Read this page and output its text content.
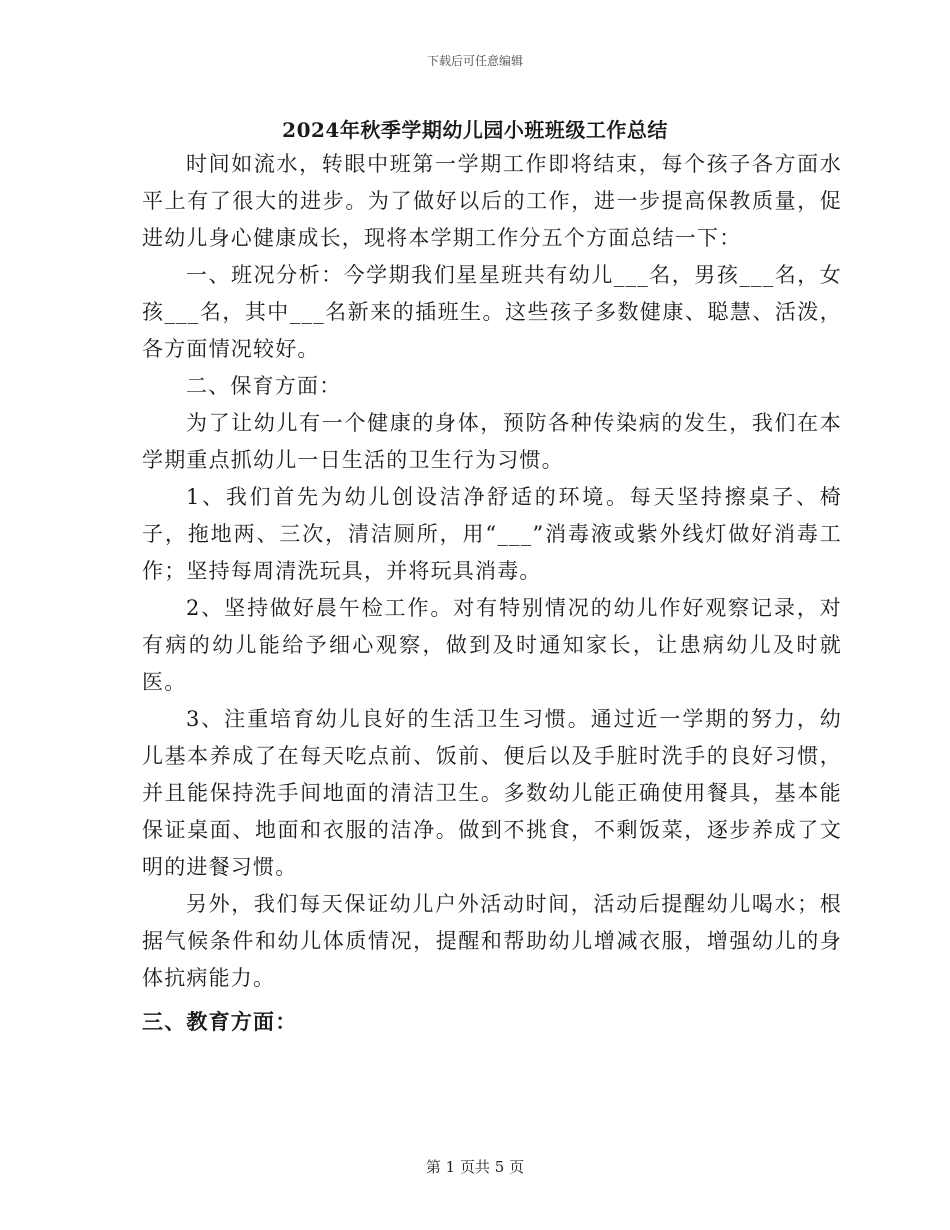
下载后可任意编辑
2024年秋季学期幼儿园小班班级工作总结

时间如流水，转眼中班第一学期工作即将结束，每个孩子各方面水平上有了很大的进步。为了做好以后的工作，进一步提高保教质量，促进幼儿身心健康成长，现将本学期工作分五个方面总结一下：

一、班况分析：今学期我们星星班共有幼儿___名，男孩___名，女孩___名，其中___名新来的插班生。这些孩子多数健康、聪慧、活泼，各方面情况较好。

二、保育方面：

为了让幼儿有一个健康的身体，预防各种传染病的发生，我们在本学期重点抓幼儿一日生活的卫生行为习惯。

1、我们首先为幼儿创设洁净舒适的环境。每天坚持擦桌子、椅子，拖地两、三次，清洁厕所，用“___”消毒液或紫外线灯做好消毒工作；坚持每周清洗玩具，并将玩具消毒。

2、坚持做好晨午检工作。对有特别情况的幼儿作好观察记录，对有病的幼儿能给予细心观察，做到及时通知家长，让患病幼儿及时就医。

3、注重培育幼儿良好的生活卫生习惯。通过近一学期的努力，幼儿基本养成了在每天吃点前、饭前、便后以及手脏时洗手的良好习惯，并且能保持洗手间地面的清洁卫生。多数幼儿能正确使用餐具，基本能保证桌面、地面和衣服的洁净。做到不挑食，不剩饭菜，逐步养成了文明的进餐习惯。

另外，我们每天保证幼儿户外活动时间，活动后提醒幼儿喝水；根据气候条件和幼儿体质情况，提醒和帮助幼儿增减衣服，增强幼儿的身体抗病能力。

三、教育方面：

第 1 页共 5 页
